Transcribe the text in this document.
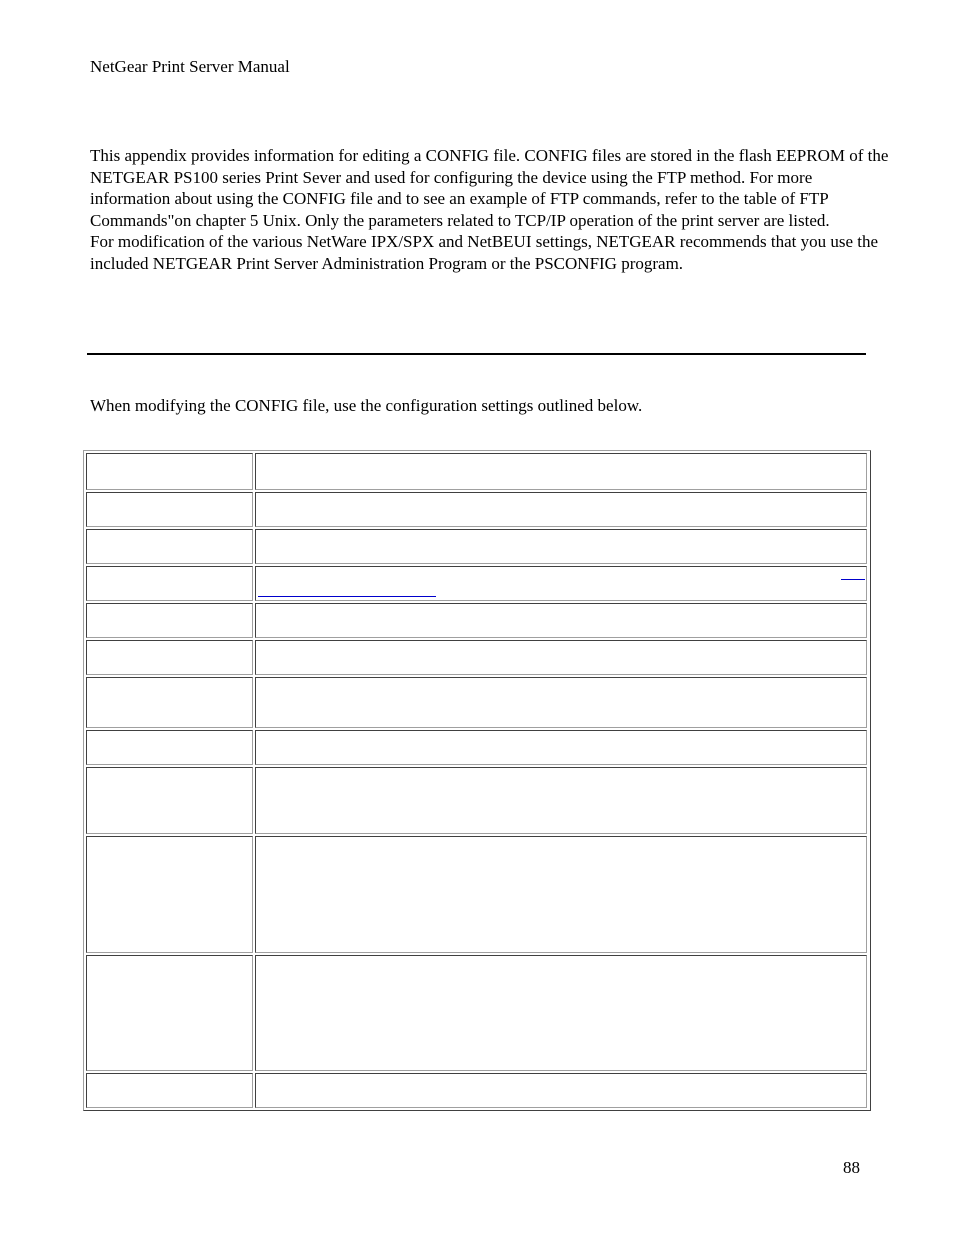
NetGear Print Server Manual

This appendix provides information for editing a CONFIG file. CONFIG files are stored in the flash EEPROM of the NETGEAR PS100 series Print Sever and used for configuring the device using the FTP method. For more information about using the CONFIG file and to see an example of FTP commands, refer to the table of FTP Commands"on chapter 5 Unix. Only the parameters related to TCP/IP operation of the print server are listed.

For modification of the various NetWare IPX/SPX and NetBEUI settings, NETGEAR recommends that you use the included NETGEAR Print Server Administration Program or the PSCONFIG program.

When modifying the CONFIG file, use the configuration settings outlined below.
88
